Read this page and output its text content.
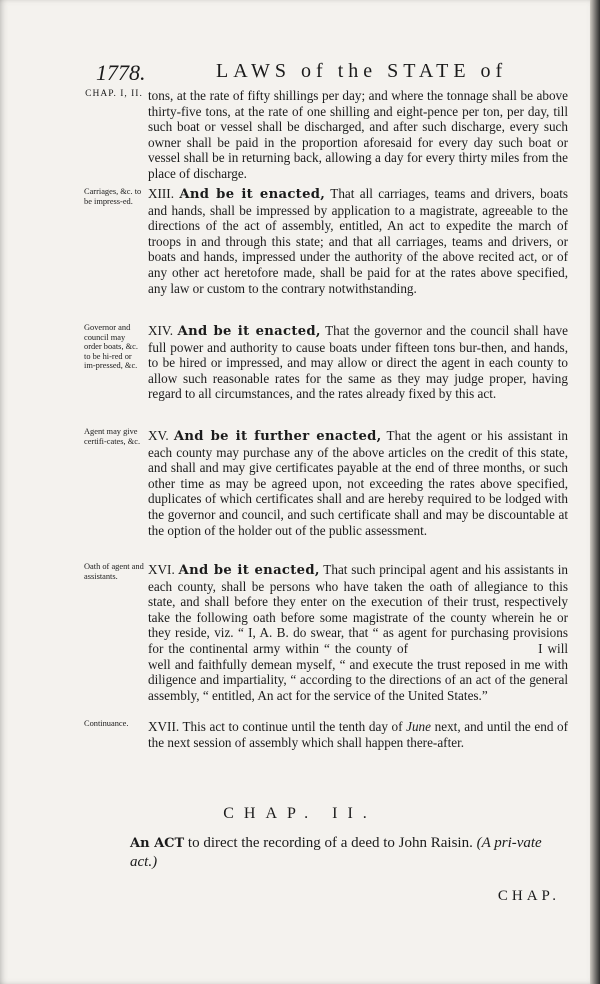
1778.	LAWS of the STATE of
CHAP. I, II.
Carriages, &c. to be impress-ed.
Governor and council may order boats, &c. to be hi-red or im-pressed, &c.
Agent may give certifi-cates, &c.
Oath of agent and assistants.
Continuance.

tons, at the rate of fifty shillings per day; and where the tonnage shall be above thirty-five tons, at the rate of one shilling and eight-pence per ton, per day, till such boat or vessel shall be discharged, and after such discharge, every such owner shall be paid in the proportion aforesaid for every day such boat or vessel shall be in returning back, allowing a day for every thirty miles from the place of discharge.

XIII. And be it enacted, That all carriages, teams and drivers, boats and hands, shall be impressed by application to a magistrate, agreeable to the directions of the act of assembly, entitled, An act to expedite the march of troops in and through this state; and that all carriages, teams and drivers, or boats and hands, impressed under the authority of the above recited act, or of any other act heretofore made, shall be paid for at the rates above specified, any law or custom to the contrary notwithstanding.

XIV. And be it enacted, That the governor and the council shall have full power and authority to cause boats under fifteen tons bur-then, and hands, to be hired or impressed, and may allow or direct the agent in each county to allow such reasonable rates for the same as they may judge proper, having regard to all circumstances, and the rates already fixed by this act.

XV. And be it further enacted, That the agent or his assistant in each county may purchase any of the above articles on the credit of this state, and shall and may give certificates payable at the end of three months, or such other time as may be agreed upon, not exceeding the rates above specified, duplicates of which certificates shall and are hereby required to be lodged with the governor and council, and such certificate shall and may be discountable at the option of the holder out of the public assessment.

XVI. And be it enacted, That such principal agent and his assistants in each county, shall be persons who have taken the oath of allegiance to this state, and shall before they enter on the execution of their trust, respectively take the following oath before some magistrate of the county wherein he or they reside, viz. “ I, A. B. do swear, that “ as agent for purchasing provisions for the continental army within “ the county of	I will well and faithfully demean myself, “ and execute the trust reposed in me with diligence and impartiality, “ according to the directions of an act of the general assembly, “ entitled, An act for the service of the United States.”

XVII. This act to continue until the tenth day of June next, and until the end of the next session of assembly which shall happen there-after.

CHAP. II.
An ACT to direct the recording of a deed to John Raisin. (A pri-vate act.)
CHAP.
